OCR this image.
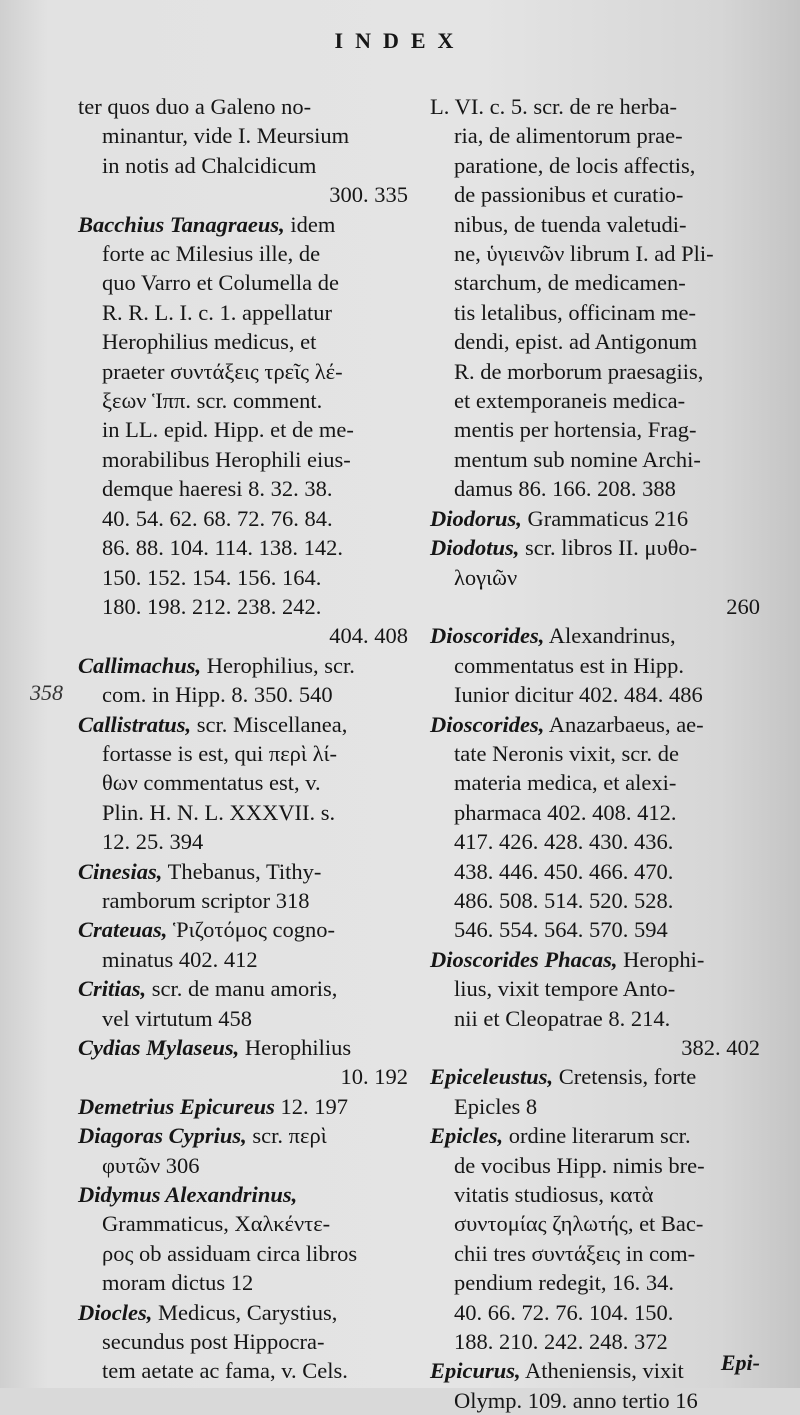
INDEX
358
ter quos duo a Galeno no-
minantur, vide I. Meursium
in notis ad Chalcidicum
300. 335
Bacchius Tanagraeus, idem
forte ac Milesius ille, de
quo Varro et Columella de
R. R. L. I. c. 1. appellatur
Herophilius medicus, et
praeter συντάξεις τρεῖς λέ-
ξεων Ἱππ. scr. comment.
in LL. epid. Hipp. et de me-
morabilibus Herophili eius-
demque haeresi 8. 32. 38.
40. 54. 62. 68. 72. 76. 84.
86. 88. 104. 114. 138. 142.
150. 152. 154. 156. 164.
180. 198. 212. 238. 242.
404. 408
Callimachus, Herophilius, scr.
com. in Hipp. 8. 350. 540
Callistratus, scr. Miscellanea,
fortasse is est, qui περὶ λί-
θων commentatus est, v.
Plin. H. N. L. XXXVII. s.
12. 25. 394
Cinesias, Thebanus, Tithy-
ramborum scriptor 318
Crateuas, Ῥιζοτόμος cogno-
minatus 402. 412
Critias, scr. de manu amoris,
vel virtutum 458
Cydias Mylaseus, Herophilius
10. 192
Demetrius Epicureus 12. 197
Diagoras Cyprius, scr. περὶ
φυτῶν 306
Didymus Alexandrinus,
Grammaticus, Χαλκέντε-
ρος ob assiduam circa libros
moram dictus 12
Diocles, Medicus, Carystius,
secundus post Hippocra-
tem aetate ac fama, v. Cels.
L. VI. c. 5. scr. de re herba-
ria, de alimentorum prae-
paratione, de locis affectis,
de passionibus et curatio-
nibus, de tuenda valetudi-
ne, ὑγιεινῶν librum I. ad Pli-
starchum, de medicamen-
tis letalibus, officinam me-
dendi, epist. ad Antigonum
R. de morborum praesagiis,
et extemporaneis medica-
mentis per hortensia, Frag-
mentum sub nomine Archi-
damus 86. 166. 208. 388
Diodorus, Grammaticus 216
Diodotus, scr. libros II. μυθο-
λογιῶν
260
Dioscorides, Alexandrinus,
commentatus est in Hipp.
Iunior dicitur 402. 484. 486
Dioscorides, Anazarbaeus, ae-
tate Neronis vixit, scr. de
materia medica, et alexi-
pharmaca 402. 408. 412.
417. 426. 428. 430. 436.
438. 446. 450. 466. 470.
486. 508. 514. 520. 528.
546. 554. 564. 570. 594
Dioscorides Phacas, Herophi-
lius, vixit tempore Anto-
nii et Cleopatrae 8. 214.
382. 402
Epiceleustus, Cretensis, forte
Epicles 8
Epicles, ordine literarum scr.
de vocibus Hipp. nimis bre-
vitatis studiosus, κατὰ
συντομίας ζηλωτής, et Bac-
chii tres συντάξεις in com-
pendium redegit, 16. 34.
40. 66. 72. 76. 104. 150.
188. 210. 242. 248. 372
Epicurus, Atheniensis, vixit
Olymp. 109. anno tertio 16
Epi-
